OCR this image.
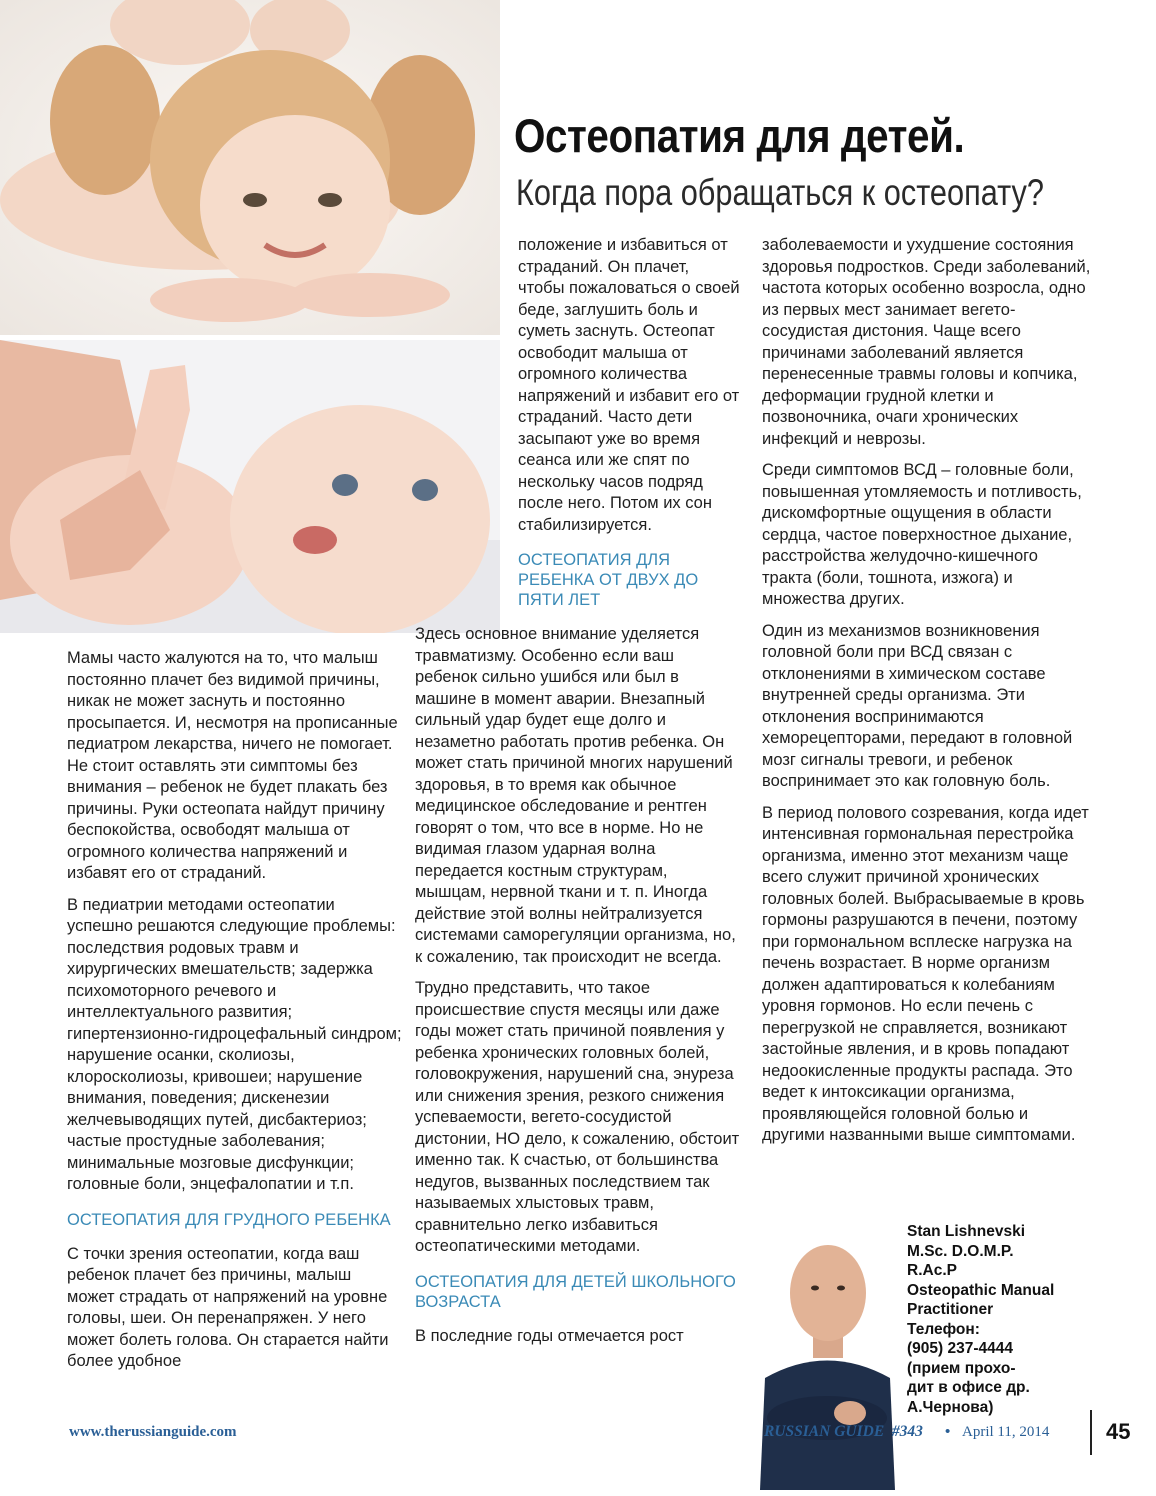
Остеопатия для детей.
Когда пора обращаться к остеопату?

Мамы часто жалуются на то, что малыш постоянно плачет без видимой причины, никак не может заснуть и постоянно просыпается. И, несмотря на прописанные педиатром лекарства, ничего не помогает. Не стоит оставлять эти симптомы без внимания – ребенок не будет плакать без причины. Руки остеопата найдут причину беспокойства, освободят малыша от огромного количества напряжений и избавят его от страданий.

В педиатрии методами остеопатии успешно решаются следующие проблемы: последствия родовых травм и хирургических вмешательств; задержка психомоторного речевого и интеллектуального развития; гипертензионно-гидроцефальный синдром; нарушение осанки, сколиозы, клоросколиозы, кривошеи; нарушение внимания, поведения; дискенезии желчевыводящих путей, дисбактериоз; частые простудные заболевания; минимальные мозговые дисфункции; головные боли, энцефалопатии и т.п.

ОСТЕОПАТИЯ ДЛЯ ГРУДНОГО РЕБЕНКА

С точки зрения остеопатии, когда ваш ребенок плачет без причины, малыш может страдать от напряжений на уровне головы, шеи. Он перенапряжен. У него может болеть голова. Он старается найти более удобное

положение и избавиться от страданий. Он плачет, чтобы пожаловаться о своей беде, заглушить боль и суметь заснуть. Остеопат освободит малыша от огромного количества напряжений и избавит его от страданий. Часто дети засыпают уже во время сеанса или же спят по нескольку часов подряд после него. Потом их сон стабилизируется.

ОСТЕОПАТИЯ ДЛЯ РЕБЕНКА ОТ ДВУХ ДО ПЯТИ ЛЕТ

Здесь основное внимание уделяется травматизму. Особенно если ваш ребенок сильно ушибся или был в машине в момент аварии. Внезапный сильный удар будет еще долго и незаметно работать против ребенка. Он может стать причиной многих нарушений здоровья, в то время как обычное медицинское обследование и рентген говорят о том, что все в норме. Но не видимая глазом ударная волна передается костным структурам, мышцам, нервной ткани и т. п. Иногда действие этой волны нейтрализуется системами саморегуляции организма, но, к сожалению, так происходит не всегда.

Трудно представить, что такое происшествие спустя месяцы или даже годы может стать причиной появления у ребенка хронических головных болей, головокружения, нарушений сна, энуреза или снижения зрения, резкого снижения успеваемости, вегето-сосудистой дистонии, НО дело, к сожалению, обстоит именно так. К счастью, от большинства недугов, вызванных последствием так называемых хлыстовых травм, сравнительно легко избавиться остеопатическими методами.

ОСТЕОПАТИЯ ДЛЯ ДЕТЕЙ ШКОЛЬНОГО ВОЗРАСТА

В последние годы отмечается рост

заболеваемости и ухудшение состояния здоровья подростков. Среди заболеваний, частота которых особенно возросла, одно из первых мест занимает вегето-сосудистая дистония. Чаще всего причинами заболеваний является перенесенные травмы головы и копчика, деформации грудной клетки и позвоночника, очаги хронических инфекций и неврозы.

Среди симптомов ВСД – головные боли, повышенная утомляемость и потливость, дискомфортные ощущения в области сердца, частое поверхностное дыхание, расстройства желудочно-кишечного тракта (боли, тошнота, изжога) и множества других.

Один из механизмов возникновения головной боли при ВСД связан с отклонениями в химическом составе внутренней среды организма. Эти отклонения воспринимаются хеморецепторами, передают в головной мозг сигналы тревоги, и ребенок воспринимает это как головную боль.

В период полового созревания, когда идет интенсивная гормональная перестройка организма, именно этот механизм чаще всего служит причиной хронических головных болей. Выбрасываемые в кровь гормоны разрушаются в печени, поэтому при гормональном всплеске нагрузка на печень возрастает. В норме организм должен адаптироваться к колебаниям уровня гормонов. Но если печень с перегрузкой не справляется, возникают застойные явления, и в кровь попадают недоокисленные продукты распада. Это ведет к интоксикации организма, проявляющейся головной болью и другими названными выше симптомами.

Stan Lishnevski
M.Sc. D.O.M.P.
R.Ac.P
Osteopathic Manual
Practitioner
Телефон:
(905) 237-4444
(прием прохо-
дит в офисе др.
А.Чернова)
www.therussianguide.com	RUSSIAN GUIDE  #343 • April 11, 2014	45
